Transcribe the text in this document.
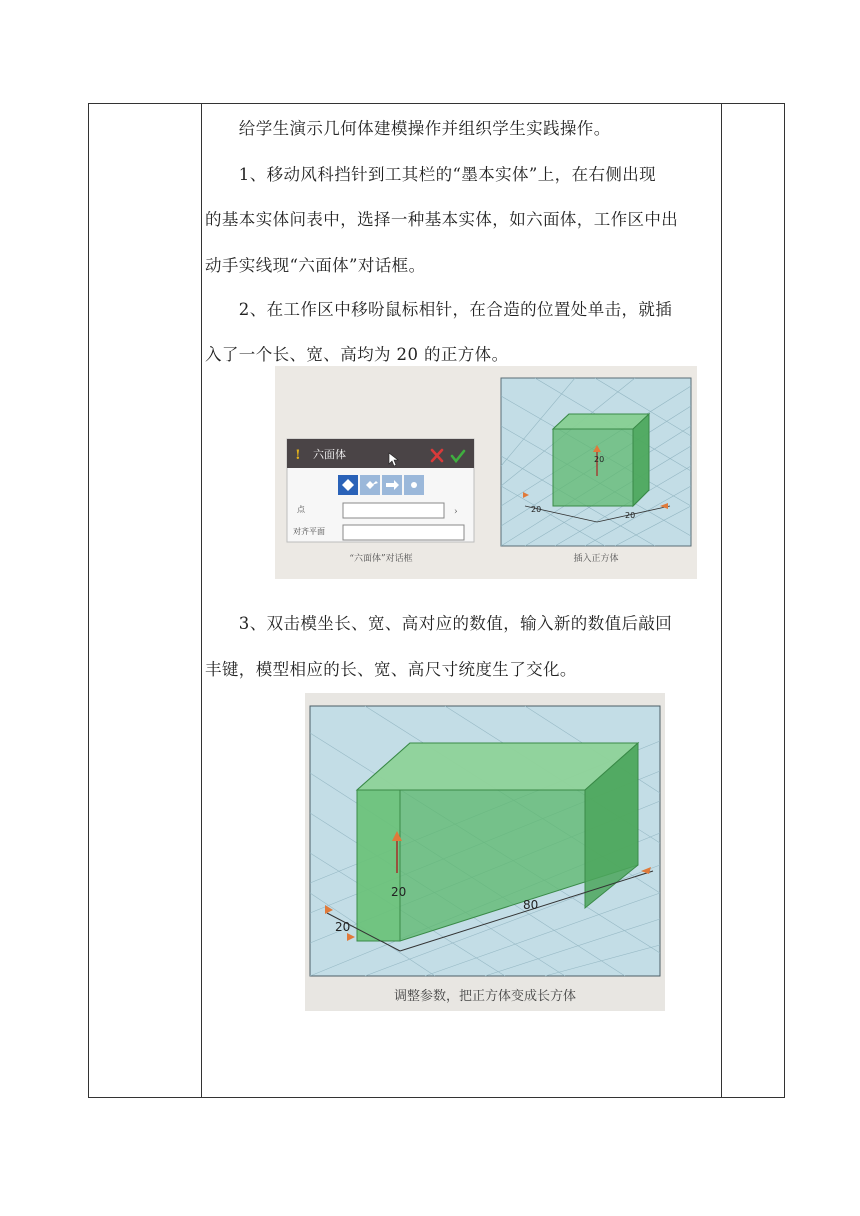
　　给学生演示几何体建模操作并组织学生实践操作。
　　1、移动风科挡针到工其栏的“墨本实体”上，在右侧出现
的基本实体问表中，选择一种基本实体，如六面体，工作区中出
动手实线现“六面体”对话框。
　　2、在工作区中移吩鼠标相针，在合造的位置处单击，就插
入了一个长、宽、高均为 20 的正方体。
! 六面体
点	›
对齐平面
“六面体”对话框
20
20
20
插入正方体
　　3、双击模坐长、宽、高对应的数值，输入新的数值后敲回
丰键，模型相应的长、宽、高尺寸统度生了交化。
20
20
80
调整参数，把正方体变成长方体
